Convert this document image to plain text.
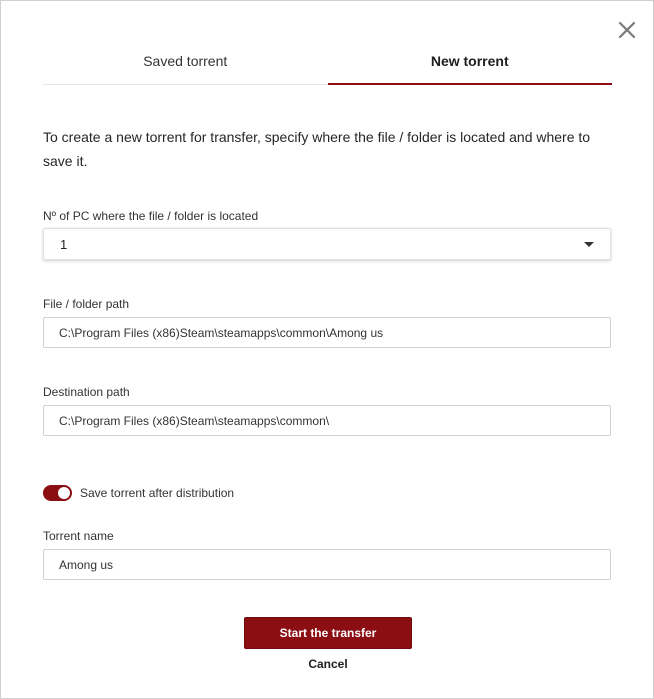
Saved torrent	New torrent
To create a new torrent for transfer, specify where the file / folder is located and where to save it.
Nº of PC where the file / folder is located
1
File / folder path
C:\Program Files (x86)Steam\steamapps\common\Among us
Destination path
C:\Program Files (x86)Steam\steamapps\common\
Save torrent after distribution
Torrent name
Among us
Start the transfer
Cancel
